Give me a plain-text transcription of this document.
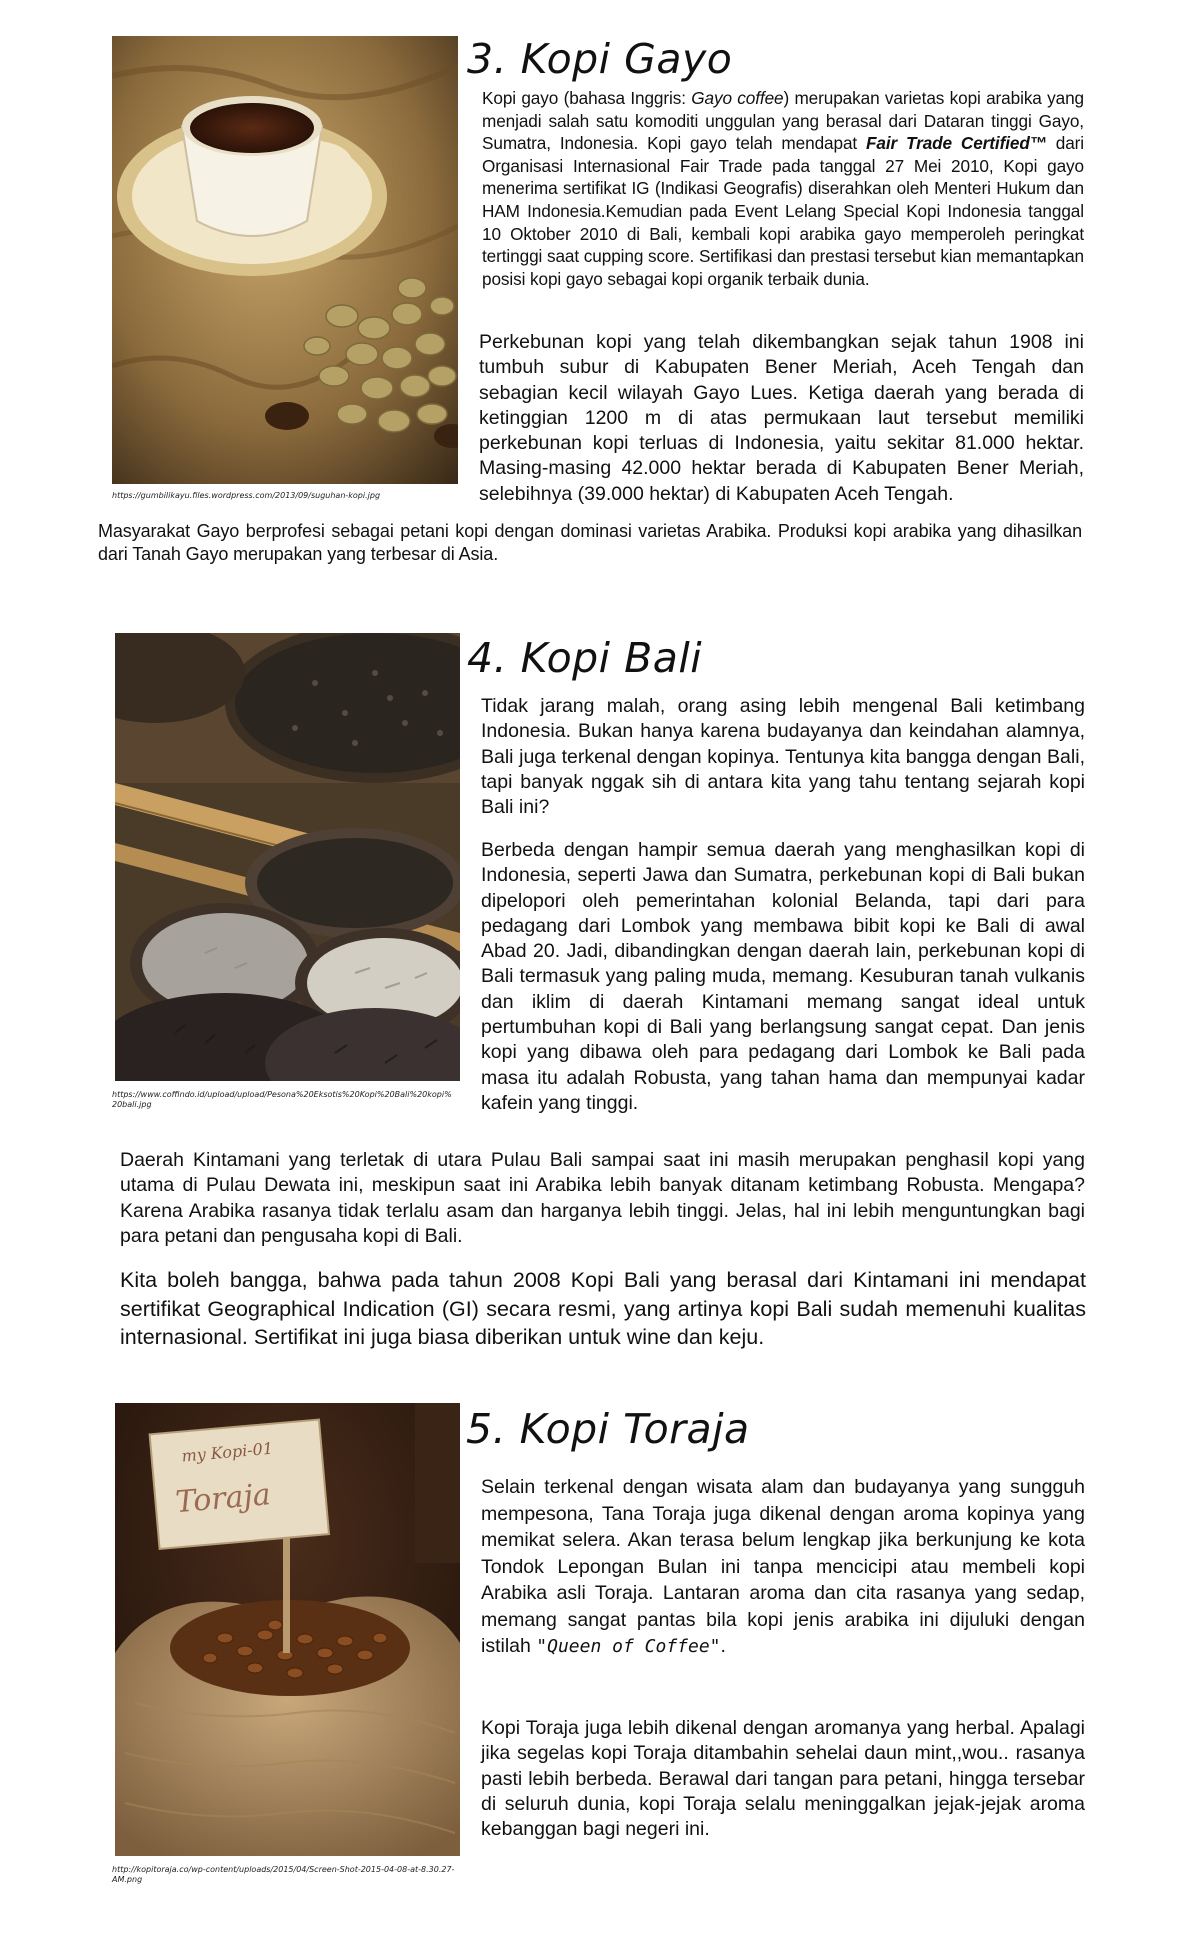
https://gumbilikayu.files.wordpress.com/2013/09/suguhan-kopi.jpg
3. Kopi Gayo

Kopi gayo (bahasa Inggris: Gayo coffee) merupakan varietas kopi arabika yang menjadi salah satu komoditi unggulan yang berasal dari Dataran tinggi Gayo, Sumatra, Indonesia. Kopi gayo telah mendapat Fair Trade Certified™ dari Organisasi Internasional Fair Trade pada tanggal 27 Mei 2010, Kopi gayo menerima sertifikat IG (Indikasi Geografis) diserahkan oleh Menteri Hukum dan HAM Indonesia.Kemudian pada Event Lelang Special Kopi Indonesia tanggal 10 Oktober 2010 di Bali, kembali kopi arabika gayo memperoleh peringkat tertinggi saat cupping score. Sertifikasi dan prestasi tersebut kian memantapkan posisi kopi gayo sebagai kopi organik terbaik dunia.

Perkebunan kopi yang telah dikembangkan sejak tahun 1908 ini tumbuh subur di Kabupaten Bener Meriah, Aceh Tengah dan sebagian kecil wilayah Gayo Lues. Ketiga daerah yang berada di ketinggian 1200 m di atas permukaan laut tersebut memiliki perkebunan kopi terluas di Indonesia, yaitu sekitar 81.000 hektar. Masing-masing 42.000 hektar berada di Kabupaten Bener Meriah, selebihnya (39.000 hektar) di Kabupaten Aceh Tengah.

Masyarakat Gayo berprofesi sebagai petani kopi dengan dominasi varietas Arabika. Produksi kopi arabika yang dihasilkan dari Tanah Gayo merupakan yang terbesar di Asia.

https://www.coffindo.id/upload/upload/Pesona%20Eksotis%20Kopi%20Bali%20kopi%20bali.jpg
4. Kopi Bali

Tidak jarang malah, orang asing lebih mengenal Bali ketimbang Indonesia. Bukan hanya karena budayanya dan keindahan alamnya, Bali juga terkenal dengan kopinya. Tentunya kita bangga dengan Bali, tapi banyak nggak sih di antara kita yang tahu tentang sejarah kopi Bali ini?

Berbeda dengan hampir semua daerah yang menghasilkan kopi di Indonesia, seperti Jawa dan Sumatra, perkebunan kopi di Bali bukan dipelopori oleh pemerintahan kolonial Belanda, tapi dari para pedagang dari Lombok yang membawa bibit kopi ke Bali di awal Abad 20. Jadi, dibandingkan dengan daerah lain, perkebunan kopi di Bali termasuk yang paling muda, memang. Kesuburan tanah vulkanis dan iklim di daerah Kintamani memang sangat ideal untuk pertumbuhan kopi di Bali yang berlangsung sangat cepat. Dan jenis kopi yang dibawa oleh para pedagang dari Lombok ke Bali pada masa itu adalah Robusta, yang tahan hama dan mempunyai kadar kafein yang tinggi.

Daerah Kintamani yang terletak di utara Pulau Bali sampai saat ini masih merupakan penghasil kopi yang utama di Pulau Dewata ini, meskipun saat ini Arabika lebih banyak ditanam ketimbang Robusta. Mengapa? Karena Arabika rasanya tidak terlalu asam dan harganya lebih tinggi. Jelas, hal ini lebih menguntungkan bagi para petani dan pengusaha kopi di Bali.

Kita boleh bangga, bahwa pada tahun 2008 Kopi Bali yang berasal dari Kintamani ini mendapat sertifikat Geographical Indication (GI) secara resmi, yang artinya kopi Bali sudah memenuhi kualitas internasional. Sertifikat ini juga biasa diberikan untuk wine dan keju.

my Kopi-01
Toraja
http://kopitoraja.co/wp-content/uploads/2015/04/Screen-Shot-2015-04-08-at-8.30.27-AM.png
5. Kopi Toraja

Selain terkenal dengan wisata alam dan budayanya yang sungguh mempesona, Tana Toraja juga dikenal dengan aroma kopinya yang memikat selera. Akan terasa belum lengkap jika berkunjung ke kota Tondok Lepongan Bulan ini tanpa mencicipi atau membeli kopi Arabika asli Toraja. Lantaran aroma dan cita rasanya yang sedap, memang sangat pantas bila kopi jenis arabika ini dijuluki dengan istilah "Queen of Coffee".

Kopi Toraja juga lebih dikenal dengan aromanya yang herbal. Apalagi jika segelas kopi Toraja ditambahin sehelai daun mint,,wou.. rasanya pasti lebih berbeda. Berawal dari tangan para petani, hingga tersebar di seluruh dunia, kopi Toraja selalu meninggalkan jejak-jejak aroma kebanggan bagi negeri ini.
